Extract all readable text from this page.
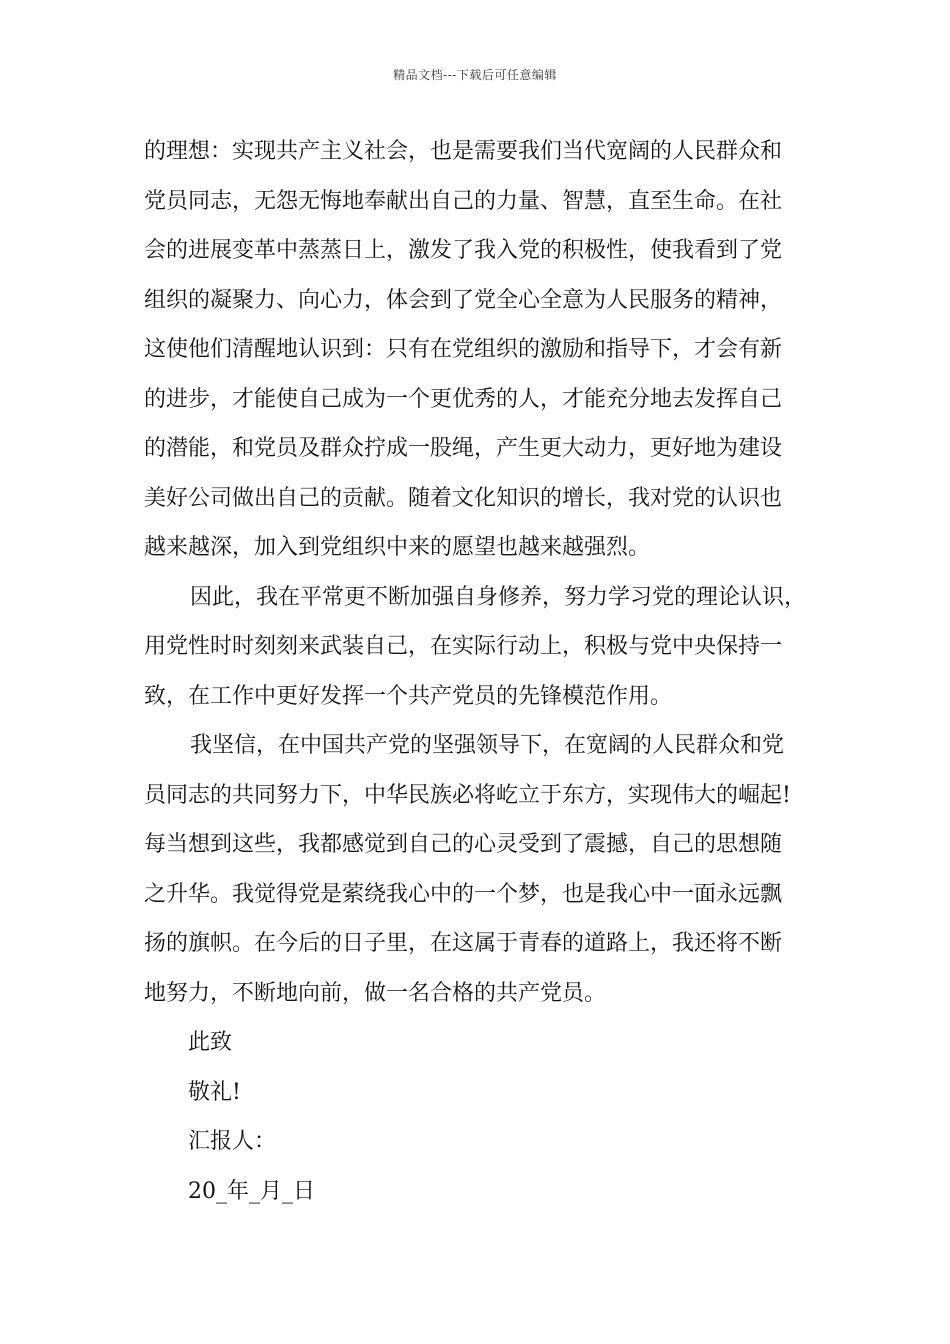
精品文档---下载后可任意编辑
的理想：实现共产主义社会，也是需要我们当代宽阔的人民群众和
党员同志，无怨无悔地奉献出自己的力量、智慧，直至生命。在社
会的进展变革中蒸蒸日上，激发了我入党的积极性，使我看到了党
组织的凝聚力、向心力，体会到了党全心全意为人民服务的精神，
这使他们清醒地认识到：只有在党组织的激励和指导下，才会有新
的进步，才能使自己成为一个更优秀的人，才能充分地去发挥自己
的潜能，和党员及群众拧成一股绳，产生更大动力，更好地为建设
美好公司做出自己的贡献。随着文化知识的增长，我对党的认识也
越来越深，加入到党组织中来的愿望也越来越强烈。
因此，我在平常更不断加强自身修养，努力学习党的理论认识，
用党性时时刻刻来武装自己，在实际行动上，积极与党中央保持一
致，在工作中更好发挥一个共产党员的先锋模范作用。
我坚信，在中国共产党的坚强领导下，在宽阔的人民群众和党
员同志的共同努力下，中华民族必将屹立于东方，实现伟大的崛起!
每当想到这些，我都感觉到自己的心灵受到了震撼，自己的思想随
之升华。我觉得党是萦绕我心中的一个梦，也是我心中一面永远飘
扬的旗帜。在今后的日子里，在这属于青春的道路上，我还将不断
地努力，不断地向前，做一名合格的共产党员。
此致
敬礼!
汇报人：
20_年_月_日
